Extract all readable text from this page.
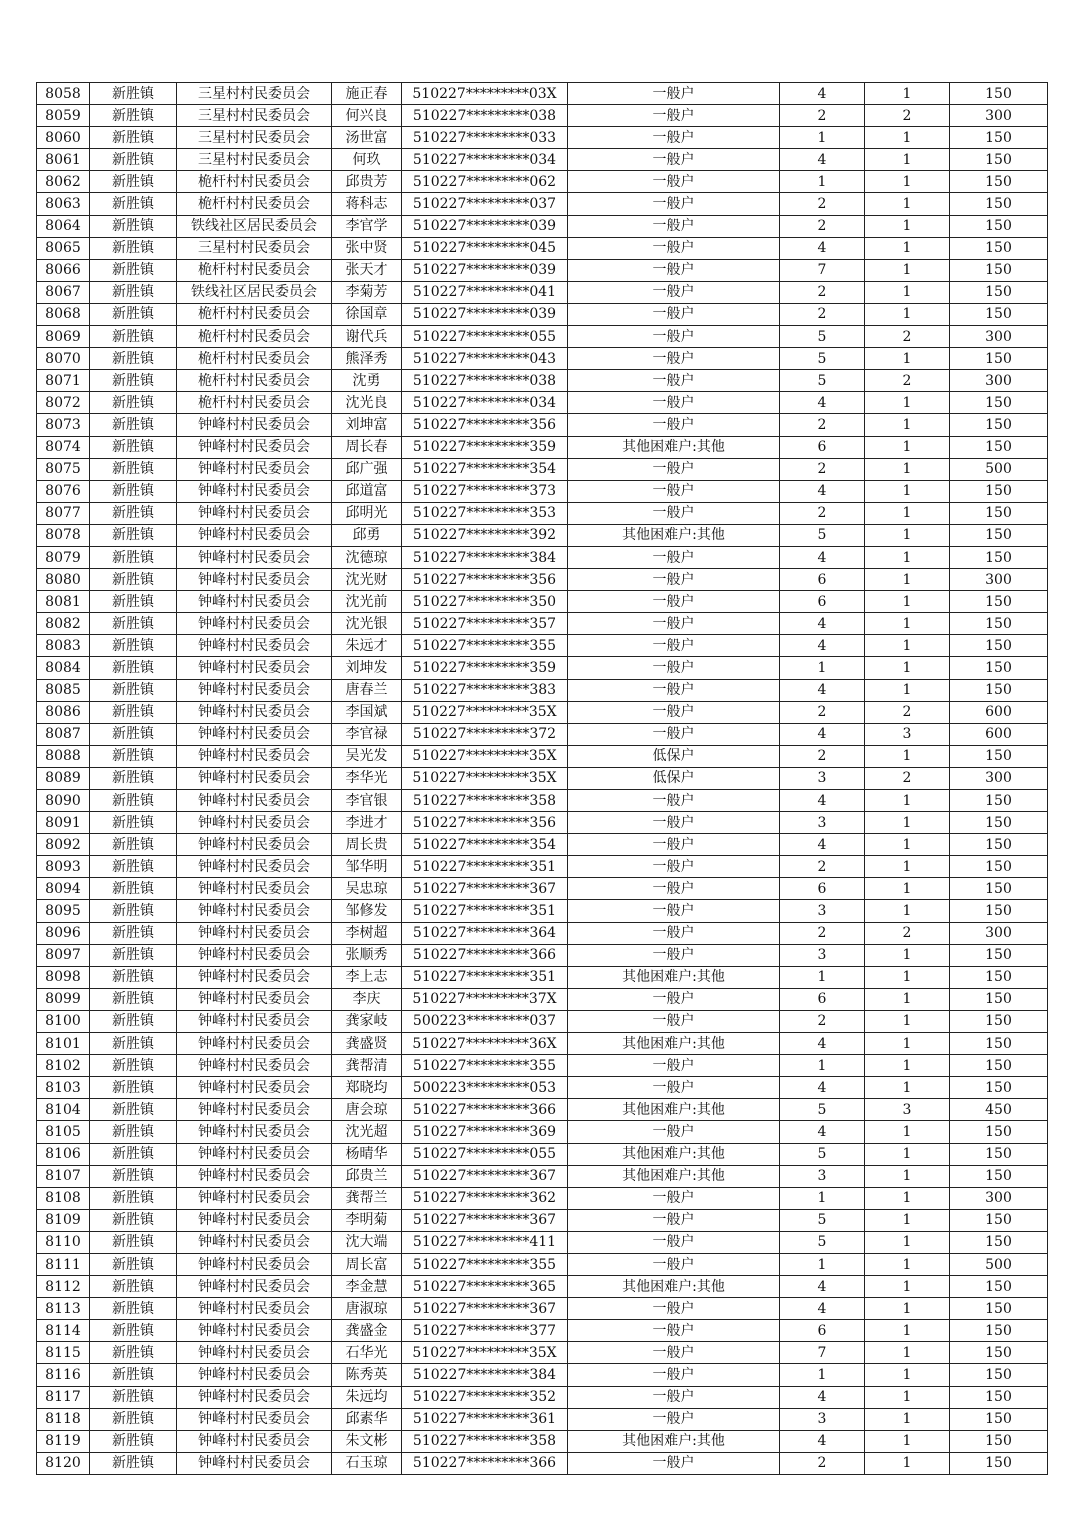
8058	新胜镇	三星村村民委员会	施正春	510227*********03X	一般户	4	1	150
8059	新胜镇	三星村村民委员会	何兴良	510227*********038	一般户	2	2	300
8060	新胜镇	三星村村民委员会	汤世富	510227*********033	一般户	1	1	150
8061	新胜镇	三星村村民委员会	何玖	510227*********034	一般户	4	1	150
8062	新胜镇	桅杆村村民委员会	邱贵芳	510227*********062	一般户	1	1	150
8063	新胜镇	桅杆村村民委员会	蒋科志	510227*********037	一般户	2	1	150
8064	新胜镇	铁线社区居民委员会	李官学	510227*********039	一般户	2	1	150
8065	新胜镇	三星村村民委员会	张中贤	510227*********045	一般户	4	1	150
8066	新胜镇	桅杆村村民委员会	张天才	510227*********039	一般户	7	1	150
8067	新胜镇	铁线社区居民委员会	李菊芳	510227*********041	一般户	2	1	150
8068	新胜镇	桅杆村村民委员会	徐国章	510227*********039	一般户	2	1	150
8069	新胜镇	桅杆村村民委员会	谢代兵	510227*********055	一般户	5	2	300
8070	新胜镇	桅杆村村民委员会	熊泽秀	510227*********043	一般户	5	1	150
8071	新胜镇	桅杆村村民委员会	沈勇	510227*********038	一般户	5	2	300
8072	新胜镇	桅杆村村民委员会	沈光良	510227*********034	一般户	4	1	150
8073	新胜镇	钟峰村村民委员会	刘坤富	510227*********356	一般户	2	1	150
8074	新胜镇	钟峰村村民委员会	周长春	510227*********359	其他困难户:其他	6	1	150
8075	新胜镇	钟峰村村民委员会	邱广强	510227*********354	一般户	2	1	500
8076	新胜镇	钟峰村村民委员会	邱道富	510227*********373	一般户	4	1	150
8077	新胜镇	钟峰村村民委员会	邱明光	510227*********353	一般户	2	1	150
8078	新胜镇	钟峰村村民委员会	邱勇	510227*********392	其他困难户:其他	5	1	150
8079	新胜镇	钟峰村村民委员会	沈德琼	510227*********384	一般户	4	1	150
8080	新胜镇	钟峰村村民委员会	沈光财	510227*********356	一般户	6	1	300
8081	新胜镇	钟峰村村民委员会	沈光前	510227*********350	一般户	6	1	150
8082	新胜镇	钟峰村村民委员会	沈光银	510227*********357	一般户	4	1	150
8083	新胜镇	钟峰村村民委员会	朱远才	510227*********355	一般户	4	1	150
8084	新胜镇	钟峰村村民委员会	刘坤发	510227*********359	一般户	1	1	150
8085	新胜镇	钟峰村村民委员会	唐春兰	510227*********383	一般户	4	1	150
8086	新胜镇	钟峰村村民委员会	李国斌	510227*********35X	一般户	2	2	600
8087	新胜镇	钟峰村村民委员会	李官禄	510227*********372	一般户	4	3	600
8088	新胜镇	钟峰村村民委员会	吴光发	510227*********35X	低保户	2	1	150
8089	新胜镇	钟峰村村民委员会	李华光	510227*********35X	低保户	3	2	300
8090	新胜镇	钟峰村村民委员会	李官银	510227*********358	一般户	4	1	150
8091	新胜镇	钟峰村村民委员会	李进才	510227*********356	一般户	3	1	150
8092	新胜镇	钟峰村村民委员会	周长贵	510227*********354	一般户	4	1	150
8093	新胜镇	钟峰村村民委员会	邹华明	510227*********351	一般户	2	1	150
8094	新胜镇	钟峰村村民委员会	吴忠琼	510227*********367	一般户	6	1	150
8095	新胜镇	钟峰村村民委员会	邹修发	510227*********351	一般户	3	1	150
8096	新胜镇	钟峰村村民委员会	李树超	510227*********364	一般户	2	2	300
8097	新胜镇	钟峰村村民委员会	张顺秀	510227*********366	一般户	3	1	150
8098	新胜镇	钟峰村村民委员会	李上志	510227*********351	其他困难户:其他	1	1	150
8099	新胜镇	钟峰村村民委员会	李庆	510227*********37X	一般户	6	1	150
8100	新胜镇	钟峰村村民委员会	龚家岐	500223*********037	一般户	2	1	150
8101	新胜镇	钟峰村村民委员会	龚盛贤	510227*********36X	其他困难户:其他	4	1	150
8102	新胜镇	钟峰村村民委员会	龚帮清	510227*********355	一般户	1	1	150
8103	新胜镇	钟峰村村民委员会	郑晓均	500223*********053	一般户	4	1	150
8104	新胜镇	钟峰村村民委员会	唐会琼	510227*********366	其他困难户:其他	5	3	450
8105	新胜镇	钟峰村村民委员会	沈光超	510227*********369	一般户	4	1	150
8106	新胜镇	钟峰村村民委员会	杨晴华	510227*********055	其他困难户:其他	5	1	150
8107	新胜镇	钟峰村村民委员会	邱贵兰	510227*********367	其他困难户:其他	3	1	150
8108	新胜镇	钟峰村村民委员会	龚帮兰	510227*********362	一般户	1	1	300
8109	新胜镇	钟峰村村民委员会	李明菊	510227*********367	一般户	5	1	150
8110	新胜镇	钟峰村村民委员会	沈大端	510227*********411	一般户	5	1	150
8111	新胜镇	钟峰村村民委员会	周长富	510227*********355	一般户	1	1	500
8112	新胜镇	钟峰村村民委员会	李金慧	510227*********365	其他困难户:其他	4	1	150
8113	新胜镇	钟峰村村民委员会	唐淑琼	510227*********367	一般户	4	1	150
8114	新胜镇	钟峰村村民委员会	龚盛金	510227*********377	一般户	6	1	150
8115	新胜镇	钟峰村村民委员会	石华光	510227*********35X	一般户	7	1	150
8116	新胜镇	钟峰村村民委员会	陈秀英	510227*********384	一般户	1	1	150
8117	新胜镇	钟峰村村民委员会	朱远均	510227*********352	一般户	4	1	150
8118	新胜镇	钟峰村村民委员会	邱素华	510227*********361	一般户	3	1	150
8119	新胜镇	钟峰村村民委员会	朱文彬	510227*********358	其他困难户:其他	4	1	150
8120	新胜镇	钟峰村村民委员会	石玉琼	510227*********366	一般户	2	1	150
